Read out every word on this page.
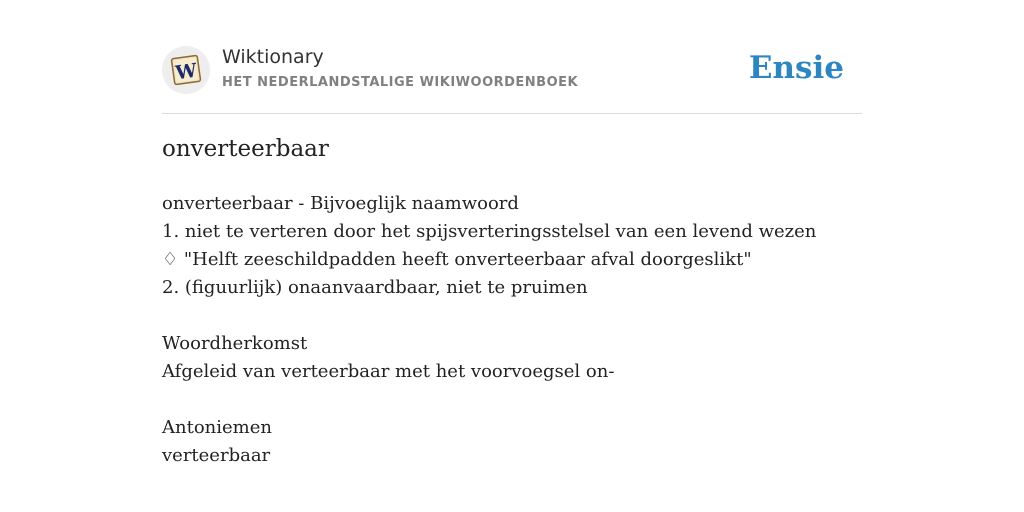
W
Wiktionary
HET NEDERLANDSTALIGE WIKIWOORDENBOEK	Ensie
onverteerbaar
onverteerbaar - Bijvoeglijk naamwoord
1. niet te verteren door het spijsverteringsstelsel van een levend wezen
♢ "Helft zeeschildpadden heeft onverteerbaar afval doorgeslikt"
2. (figuurlijk) onaanvaardbaar, niet te pruimen
Woordherkomst
Afgeleid van verteerbaar met het voorvoegsel on-
Antoniemen
verteerbaar
